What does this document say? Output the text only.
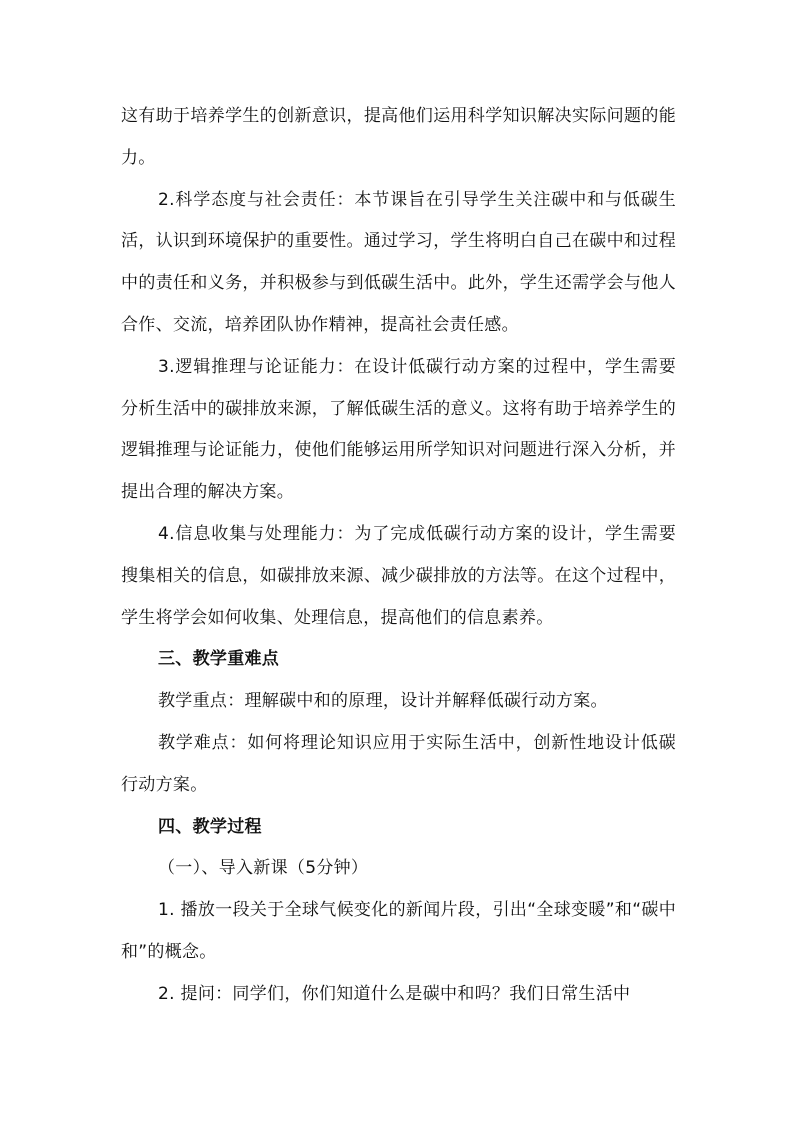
这有助于培养学生的创新意识，提高他们运用科学知识解决实际问题的能力。

2.科学态度与社会责任：本节课旨在引导学生关注碳中和与低碳生活，认识到环境保护的重要性。通过学习，学生将明白自己在碳中和过程中的责任和义务，并积极参与到低碳生活中。此外，学生还需学会与他人合作、交流，培养团队协作精神，提高社会责任感。

3.逻辑推理与论证能力：在设计低碳行动方案的过程中，学生需要分析生活中的碳排放来源，了解低碳生活的意义。这将有助于培养学生的逻辑推理与论证能力，使他们能够运用所学知识对问题进行深入分析，并提出合理的解决方案。

4.信息收集与处理能力：为了完成低碳行动方案的设计，学生需要搜集相关的信息，如碳排放来源、减少碳排放的方法等。在这个过程中，学生将学会如何收集、处理信息，提高他们的信息素养。

三、教学重难点

教学重点：理解碳中和的原理，设计并解释低碳行动方案。

教学难点：如何将理论知识应用于实际生活中，创新性地设计低碳行动方案。

四、教学过程

（一）、导入新课（5分钟）

1. 播放一段关于全球气候变化的新闻片段，引出“全球变暖”和“碳中和”的概念。

2. 提问：同学们，你们知道什么是碳中和吗？我们日常生活中
